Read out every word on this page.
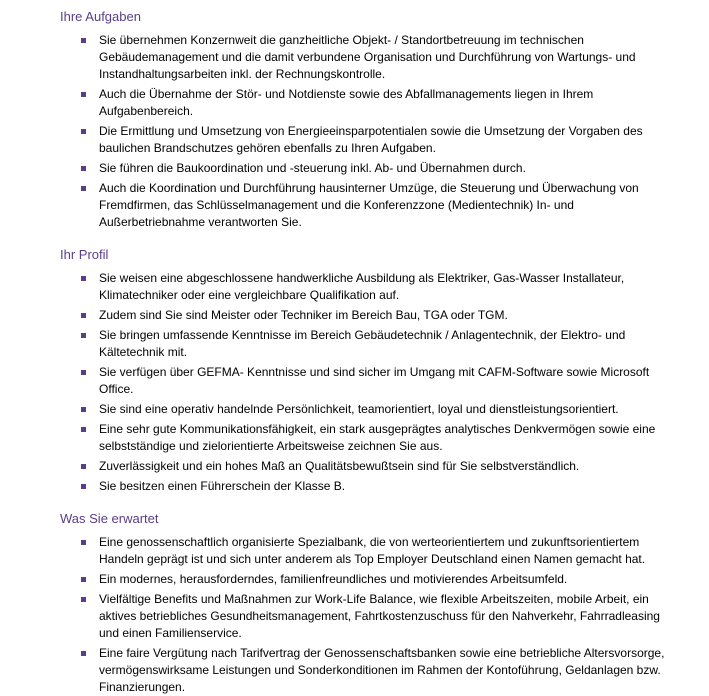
Ihre Aufgaben
Sie übernehmen Konzernweit die ganzheitliche Objekt- / Standortbetreuung im technischen Gebäudemanagement und die damit verbundene Organisation und Durchführung von Wartungs- und Instandhaltungsarbeiten inkl. der Rechnungskontrolle.
Auch die Übernahme der Stör- und Notdienste sowie des Abfallmanagements liegen in Ihrem Aufgabenbereich.
Die Ermittlung und Umsetzung von Energieeinsparpotentialen sowie die Umsetzung der Vorgaben des baulichen Brandschutzes gehören ebenfalls zu Ihren Aufgaben.
Sie führen die Baukoordination und -steuerung inkl. Ab- und Übernahmen durch.
Auch die Koordination und Durchführung hausinterner Umzüge, die Steuerung und Überwachung von Fremdfirmen, das Schlüsselmanagement und die Konferenzzone (Medientechnik) In- und Außerbetriebnahme verantworten Sie.
Ihr Profil
Sie weisen eine abgeschlossene handwerkliche Ausbildung als Elektriker, Gas-Wasser Installateur, Klimatechniker oder eine vergleichbare Qualifikation auf.
Zudem sind Sie sind Meister oder Techniker im Bereich Bau, TGA oder TGM.
Sie bringen umfassende Kenntnisse im Bereich Gebäudetechnik / Anlagentechnik, der Elektro- und Kältetechnik mit.
Sie verfügen über GEFMA- Kenntnisse und sind sicher im Umgang mit CAFM-Software sowie Microsoft Office.
Sie sind eine operativ handelnde Persönlichkeit, teamorientiert, loyal und dienstleistungsorientiert.
Eine sehr gute Kommunikationsfähigkeit, ein stark ausgeprägtes analytisches Denkvermögen sowie eine selbstständige und zielorientierte Arbeitsweise zeichnen Sie aus.
Zuverlässigkeit und ein hohes Maß an Qualitätsbewußtsein sind für Sie selbstverständlich.
Sie besitzen einen Führerschein der Klasse B.
Was Sie erwartet
Eine genossenschaftlich organisierte Spezialbank, die von werteorientiertem und zukunftsorientiertem Handeln geprägt ist und sich unter anderem als Top Employer Deutschland einen Namen gemacht hat.
Ein modernes, herausforderndes, familienfreundliches und motivierendes Arbeitsumfeld.
Vielfältige Benefits und Maßnahmen zur Work-Life Balance, wie flexible Arbeitszeiten, mobile Arbeit, ein aktives betriebliches Gesundheitsmanagement, Fahrtkostenzuschuss für den Nahverkehr, Fahrradleasing und einen Familienservice.
Eine faire Vergütung nach Tarifvertrag der Genossenschaftsbanken sowie eine betriebliche Altersvorsorge, vermögenswirksame Leistungen und Sonderkonditionen im Rahmen der Kontoführung, Geldanlagen bzw. Finanzierungen.
